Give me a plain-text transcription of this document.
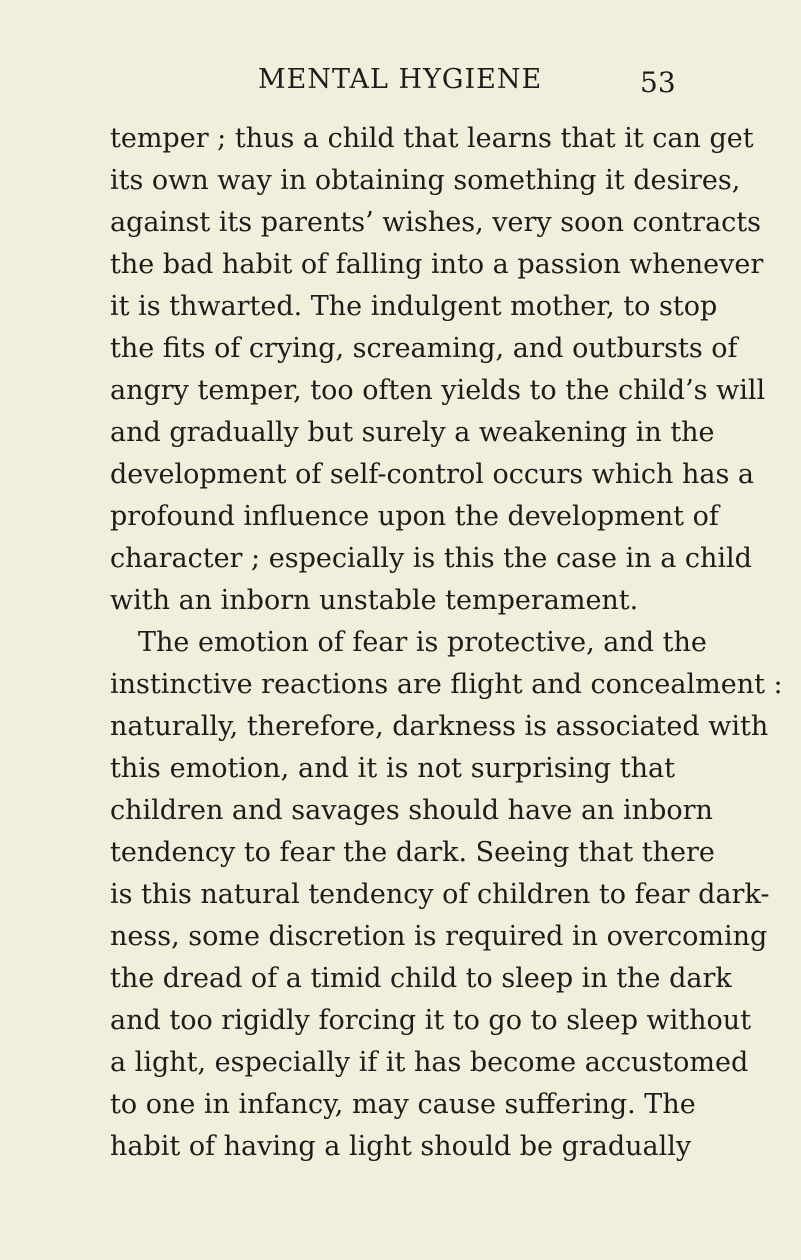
MENTAL HYGIENE	53
temper ; thus a child that learns that it can get
its own way in obtaining something it desires,
against its parents’ wishes, very soon contracts
the bad habit of falling into a passion whenever
it is thwarted. The indulgent mother, to stop
the fits of crying, screaming, and outbursts of
angry temper, too often yields to the child’s will
and gradually but surely a weakening in the
development of self-control occurs which has a
profound influence upon the development of
character ; especially is this the case in a child
with an inborn unstable temperament.
The emotion of fear is protective, and the
instinctive reactions are flight and concealment :
naturally, therefore, darkness is associated with
this emotion, and it is not surprising that
children and savages should have an inborn
tendency to fear the dark. Seeing that there
is this natural tendency of children to fear dark-
ness, some discretion is required in overcoming
the dread of a timid child to sleep in the dark
and too rigidly forcing it to go to sleep without
a light, especially if it has become accustomed
to one in infancy, may cause suffering. The
habit of having a light should be gradually
